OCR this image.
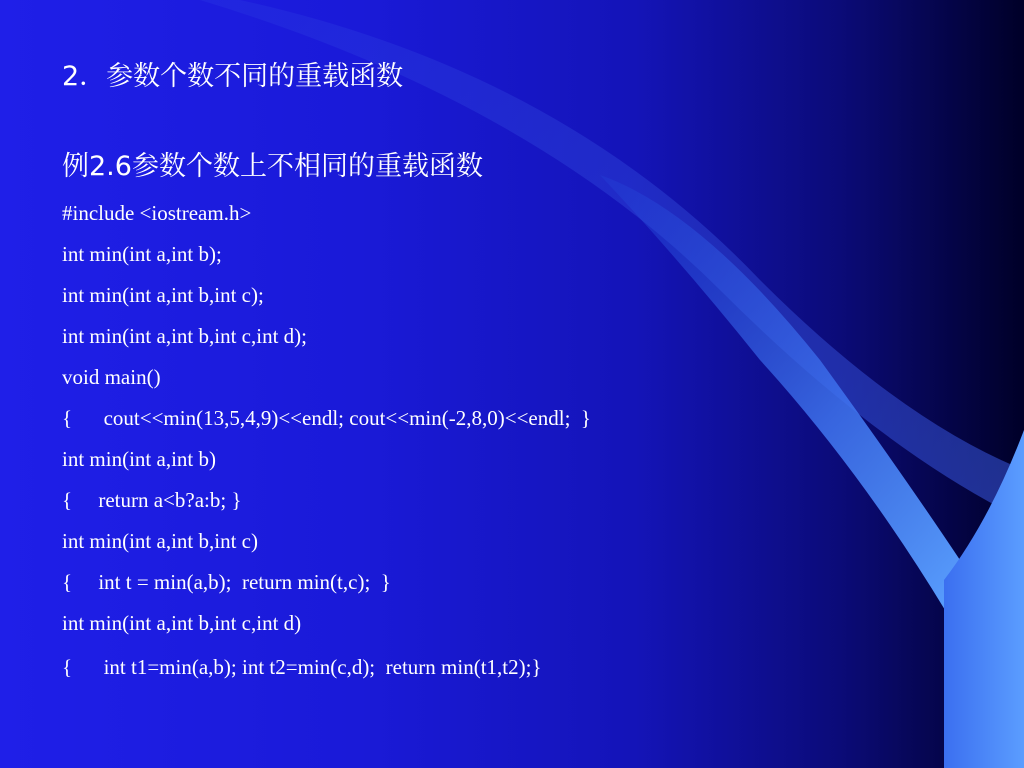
2．参数个数不同的重载函数
例2.6参数个数上不相同的重载函数
#include <iostream.h>
int min(int a,int b);
int min(int a,int b,int c);
int min(int a,int b,int c,int d);
void main()
{      cout<<min(13,5,4,9)<<endl; cout<<min(-2,8,0)<<endl;  }
int min(int a,int b)
{     return a<b?a:b; }
int min(int a,int b,int c)
{     int t = min(a,b);  return min(t,c);  }
int min(int a,int b,int c,int d)
{      int t1=min(a,b); int t2=min(c,d);  return min(t1,t2);}
